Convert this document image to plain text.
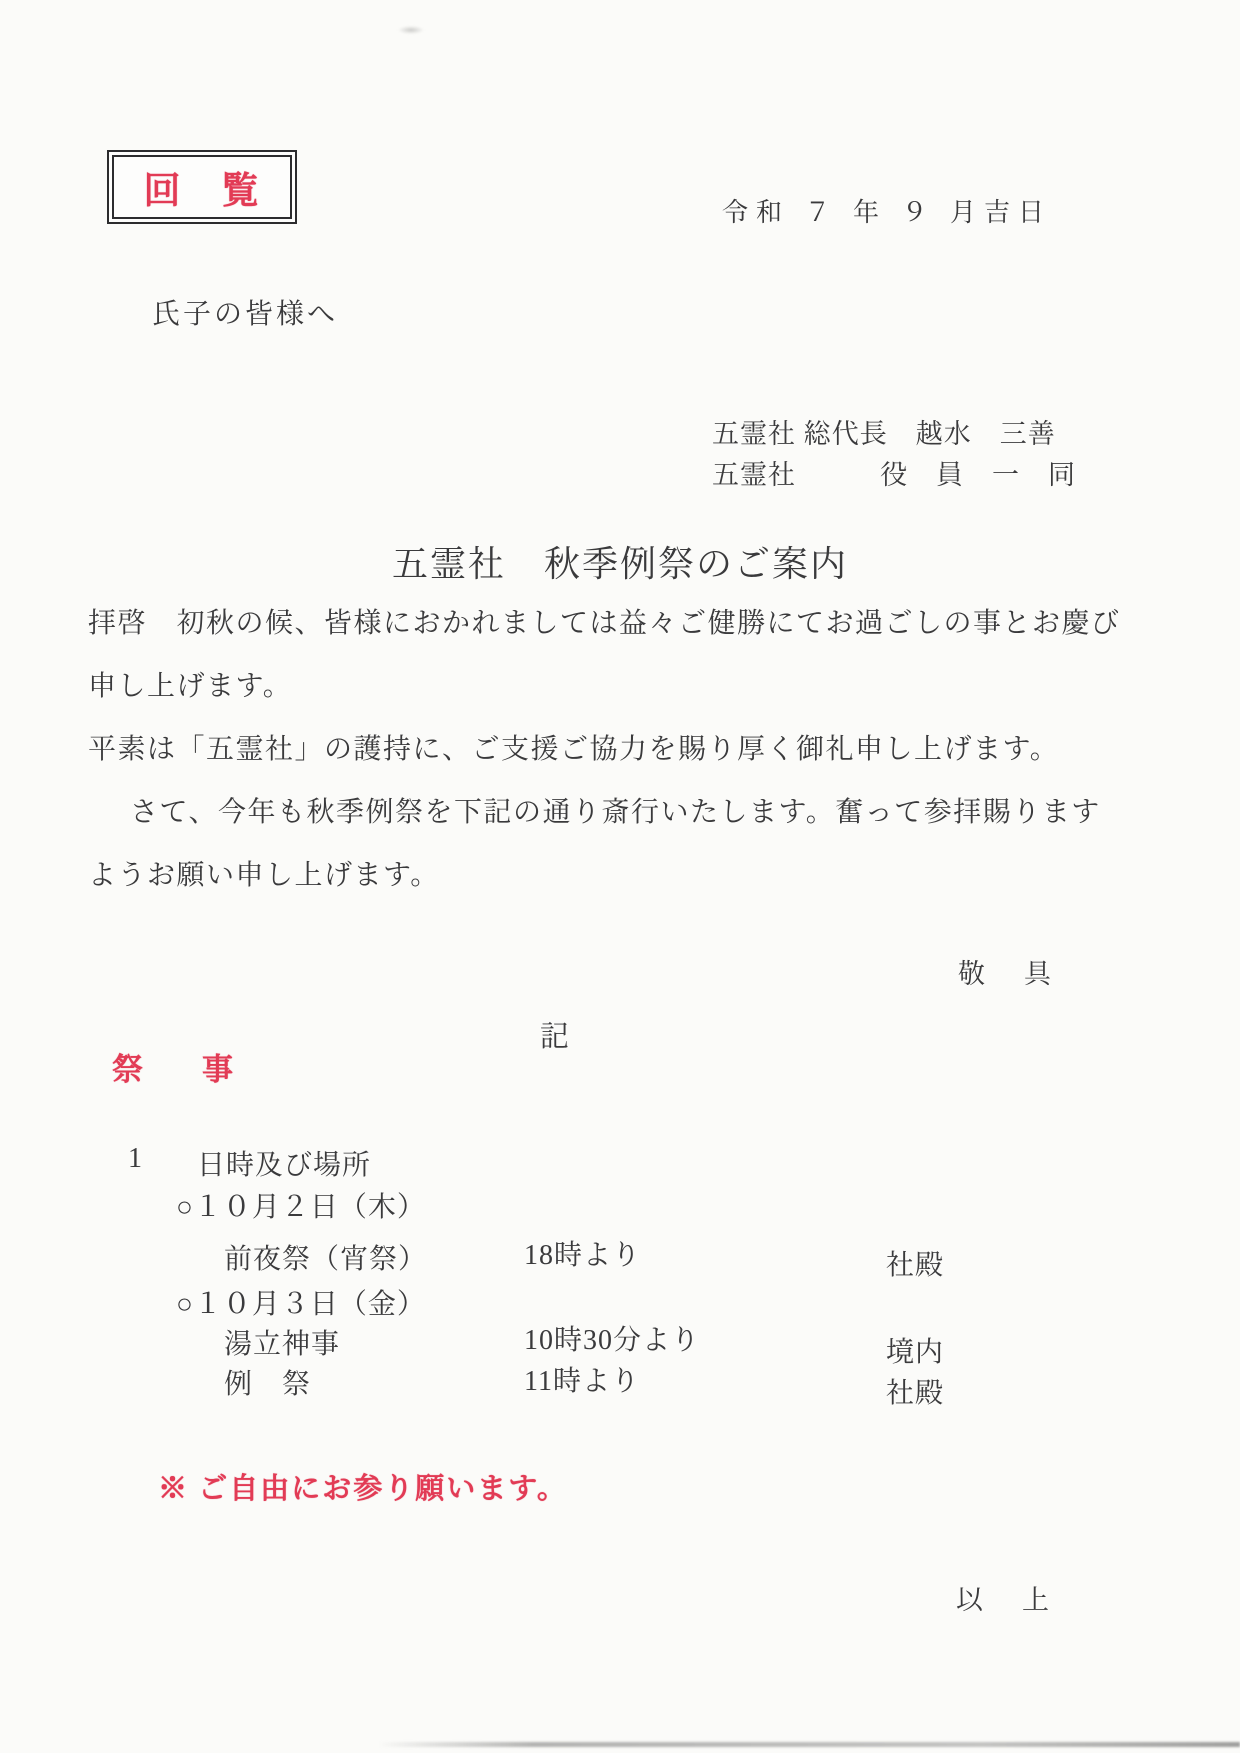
回　覧
令和 ７ 年 ９ 月吉日
氏子の皆様へ
五霊社 総代長　越水　三善
五霊社　　　役　員　一　同
五霊社　秋季例祭のご案内
拝啓　初秋の候、皆様におかれましては益々ご健勝にてお過ごしの事とお慶び
申し上げます。
平素は「五霊社」の護持に、ご支援ご協力を賜り厚く御礼申し上げます。
さて、今年も秋季例祭を下記の通り斎行いたします。奮って参拝賜ります
ようお願い申し上げます。
敬　具
記
祭　事
1 日時及び場所
○１０月２日（木）
前夜祭（宵祭）	18時より	社殿
○１０月３日（金）
湯立神事	10時30分より	境内
例　祭	11時より	社殿
※ ご自由にお参り願います。
以　上
